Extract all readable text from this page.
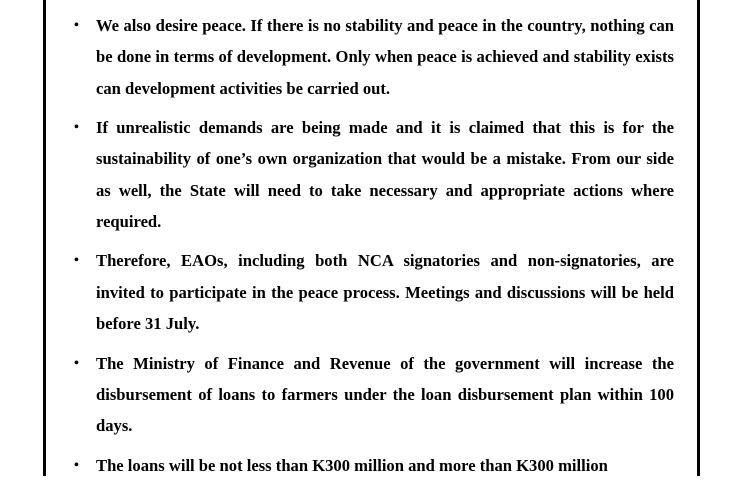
• We also desire peace. If there is no stability and peace in the country, nothing can be done in terms of development. Only when peace is achieved and stability exists can development activities be carried out.
• If unrealistic demands are being made and it is claimed that this is for the sustainability of one’s own organization that would be a mistake. From our side as well, the State will need to take necessary and appropriate actions where required.
• Therefore, EAOs, including both NCA signatories and non-signatories, are invited to participate in the peace process. Meetings and discussions will be held before 31 July.
• The Ministry of Finance and Revenue of the government will increase the disbursement of loans to farmers under the loan disbursement plan within 100 days.
• The loans will be not less than K300 million and more than K300 million
